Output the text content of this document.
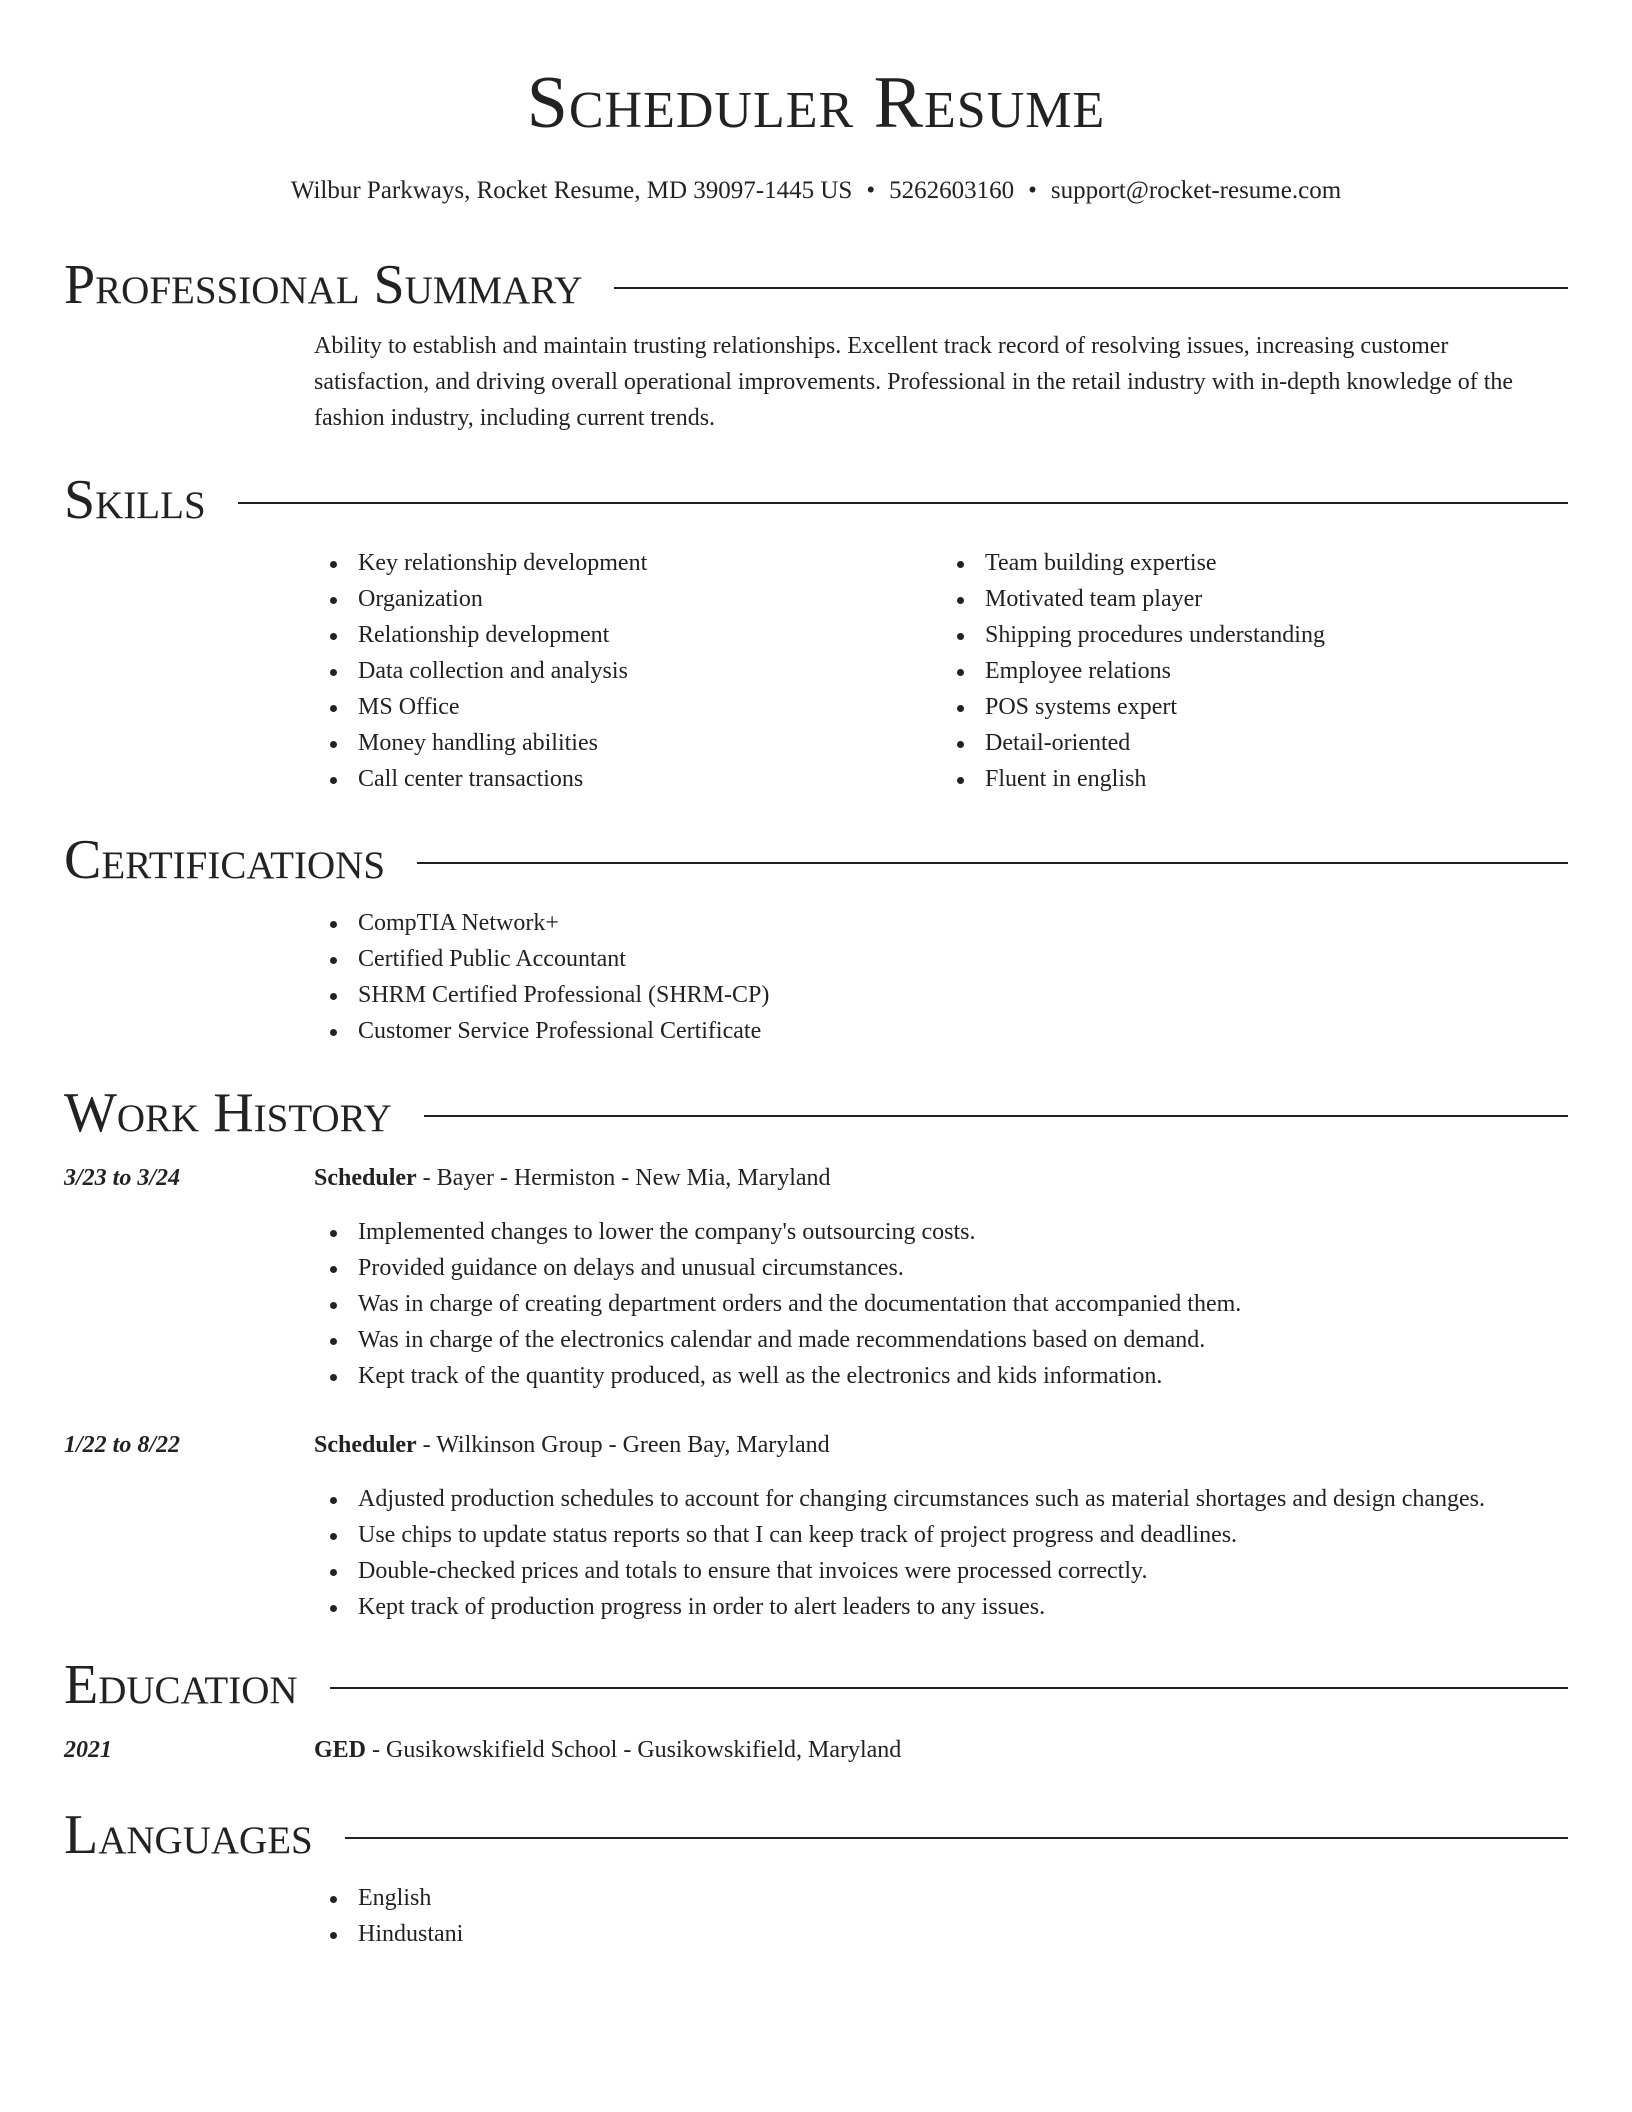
Scheduler Resume
Wilbur Parkways, Rocket Resume, MD 39097-1445 US • 5262603160 • support@rocket-resume.com
Professional Summary

Ability to establish and maintain trusting relationships. Excellent track record of resolving issues, increasing customer satisfaction, and driving overall operational improvements. Professional in the retail industry with in-depth knowledge of the fashion industry, including current trends.

Skills
Key relationship development
Organization
Relationship development
Data collection and analysis
MS Office
Money handling abilities
Call center transactions
Team building expertise
Motivated team player
Shipping procedures understanding
Employee relations
POS systems expert
Detail-oriented
Fluent in english
Certifications
CompTIA Network+
Certified Public Accountant
SHRM Certified Professional (SHRM-CP)
Customer Service Professional Certificate
Work History
3/23 to 3/24	Scheduler - Bayer - Hermiston - New Mia, Maryland
Implemented changes to lower the company's outsourcing costs.
Provided guidance on delays and unusual circumstances.
Was in charge of creating department orders and the documentation that accompanied them.
Was in charge of the electronics calendar and made recommendations based on demand.
Kept track of the quantity produced, as well as the electronics and kids information.
1/22 to 8/22	Scheduler - Wilkinson Group - Green Bay, Maryland
Adjusted production schedules to account for changing circumstances such as material shortages and design changes.
Use chips to update status reports so that I can keep track of project progress and deadlines.
Double-checked prices and totals to ensure that invoices were processed correctly.
Kept track of production progress in order to alert leaders to any issues.
Education
2021	GED - Gusikowskifield School - Gusikowskifield, Maryland
Languages
English
Hindustani
